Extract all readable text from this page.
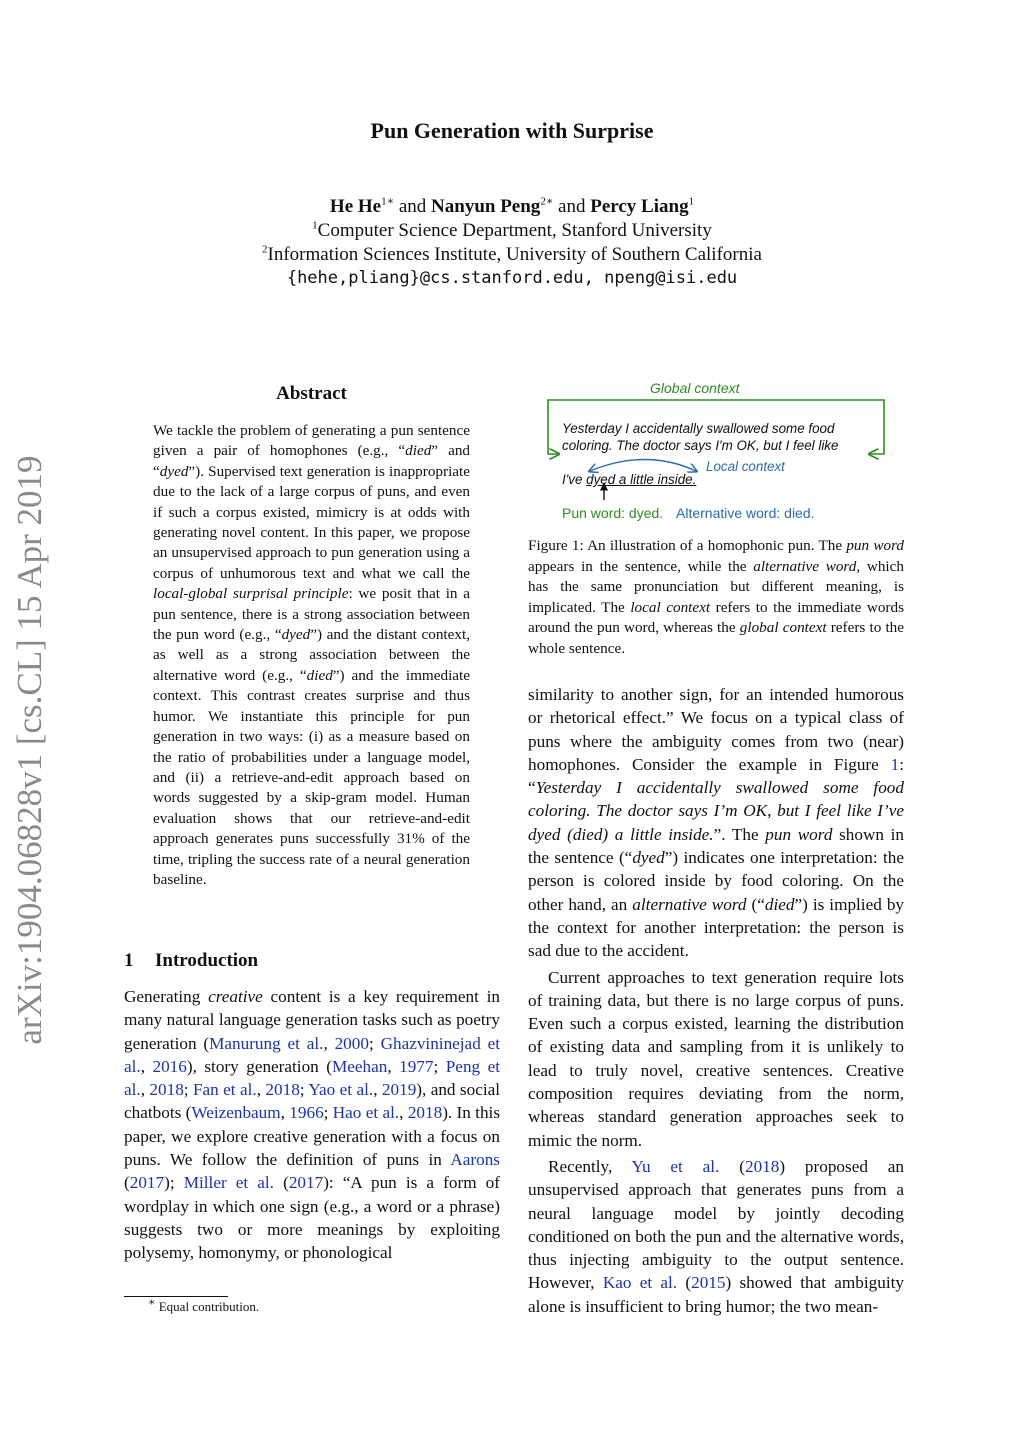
arXiv:1904.06828v1 [cs.CL] 15 Apr 2019
Pun Generation with Surprise
He $He^{1∗}$ and Nanyun Peng$^{2∗}$ and Percy Liang$^1$
$^1$Computer Science Department, Stanford University
$^2$Information Sciences Institute, University of Southern California
{hehe,pliang}@cs.stanford.edu, npeng@isi.edu
Abstract
We tackle the problem of generating a pun sentence given a pair of homophones (e.g., “died” and “dyed”). Supervised text generation is inappropriate due to the lack of a large corpus of puns, and even if such a corpus existed, mimicry is at odds with generating novel content. In this paper, we propose an unsupervised approach to pun generation using a corpus of unhumorous text and what we call the local-global surprisal principle: we posit that in a pun sentence, there is a strong association between the pun word (e.g., “dyed”) and the distant context, as well as a strong association between the alternative word (e.g., “died”) and the immediate context. This contrast creates surprise and thus humor. We instantiate this principle for pun generation in two ways: (i) as a measure based on the ratio of probabilities under a language model, and (ii) a retrieve-and-edit approach based on words suggested by a skip-gram model. Human evaluation shows that our retrieve-and-edit approach generates puns successfully 31% of the time, tripling the success rate of a neural generation baseline.
1 Introduction
Generating creative content is a key requirement in many natural language generation tasks such as poetry generation (Manurung et al., 2000; Ghazvininejad et al., 2016), story generation (Meehan, 1977; Peng et al., 2018; Fan et al., 2018; Yao et al., 2019), and social chatbots (Weizenbaum, 1966; Hao et al., 2018). In this paper, we explore creative generation with a focus on puns. We follow the definition of puns in Aarons (2017); Miller et al. (2017): “A pun is a form of wordplay in which one sign (e.g., a word or a phrase) suggests two or more meanings by exploiting polysemy, homonymy, or phonological
∗ Equal contribution.
Global context
Yesterday I accidentally swallowed some food coloring. The doctor says I'm OK, but I feel like
I've dyed a little inside.
Local context
Pun word: dyed. Alternative word: died.
Figure 1: An illustration of a homophonic pun. The pun word appears in the sentence, while the alternative word, which has the same pronunciation but different meaning, is implicated. The local context refers to the immediate words around the pun word, whereas the global context refers to the whole sentence.

similarity to another sign, for an intended humorous or rhetorical effect.” We focus on a typical class of puns where the ambiguity comes from two (near) homophones. Consider the example in Figure 1: “Yesterday I accidentally swallowed some food coloring. The doctor says I’m OK, but I feel like I’ve dyed (died) a little inside.”. The pun word shown in the sentence (“dyed”) indicates one interpretation: the person is colored inside by food coloring. On the other hand, an alternative word (“died”) is implied by the context for another interpretation: the person is sad due to the accident.

Current approaches to text generation require lots of training data, but there is no large corpus of puns. Even such a corpus existed, learning the distribution of existing data and sampling from it is unlikely to lead to truly novel, creative sentences. Creative composition requires deviating from the norm, whereas standard generation approaches seek to mimic the norm.

Recently, Yu et al. (2018) proposed an unsupervised approach that generates puns from a neural language model by jointly decoding conditioned on both the pun and the alternative words, thus injecting ambiguity to the output sentence. However, Kao et al. (2015) showed that ambiguity alone is insufficient to bring humor; the two mean-
